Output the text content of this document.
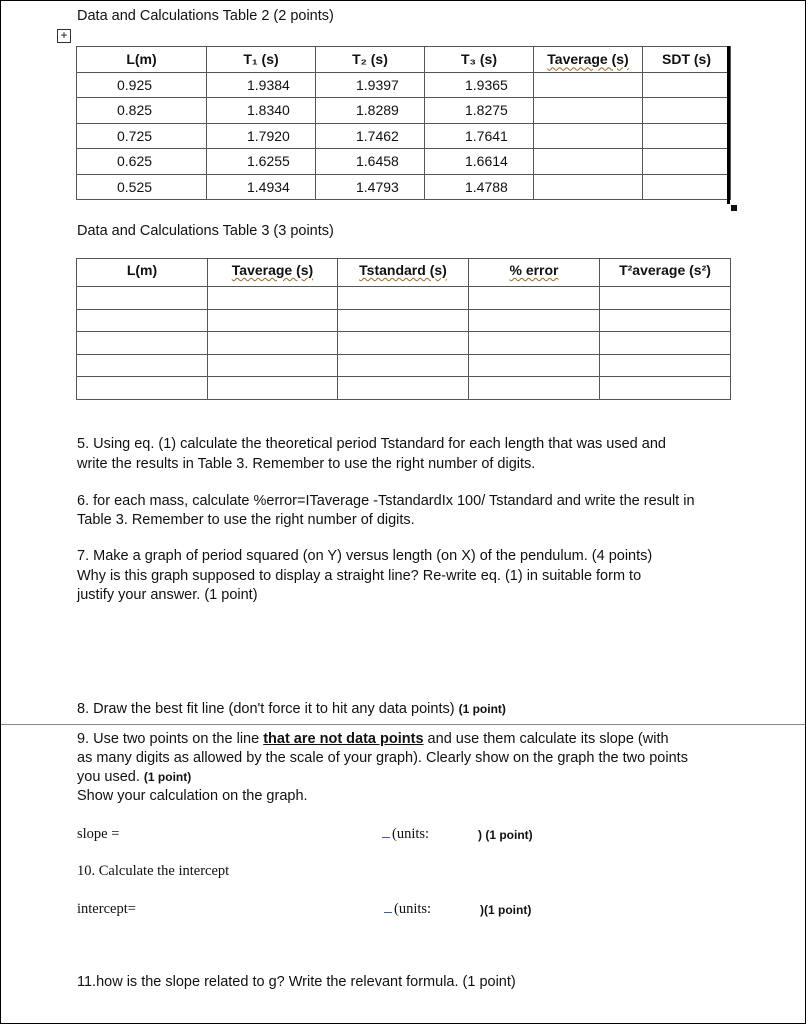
Data and Calculations Table 2 (2 points)
+
L(m)	T₁ (s)	T₂ (s)	T₃ (s)	Taverage (s)	SDT (s)
0.925	1.9384	1.9397	1.9365		
0.825	1.8340	1.8289	1.8275		
0.725	1.7920	1.7462	1.7641		
0.625	1.6255	1.6458	1.6614		
0.525	1.4934	1.4793	1.4788		
Data and Calculations Table 3 (3 points)
L(m)	Taverage (s)	Tstandard (s)	% error	T²average (s²)

5. Using eq. (1) calculate the theoretical period Tstandard for each length that was used and
write the results in Table 3. Remember to use the right number of digits.
6. for each mass, calculate %error=ITaverage -TstandardIx 100/ Tstandard and write the result in
Table 3. Remember to use the right number of digits.
7. Make a graph of period squared (on Y) versus length (on X) of the pendulum. (4 points)
Why is this graph supposed to display a straight line? Re-write eq. (1) in suitable form to
justify your answer. (1 point)
8. Draw the best fit line (don't force it to hit any data points) (1 point)
9. Use two points on the line that are not data points and use them calculate its slope (with
as many digits as allowed by the scale of your graph). Clearly show on the graph the two points
you used. (1 point)
Show your calculation on the graph.
slope =	(units:	) (1 point)
10. Calculate the intercept
intercept=	(units:	)(1 point)
11.how is the slope related to g? Write the relevant formula. (1 point)
